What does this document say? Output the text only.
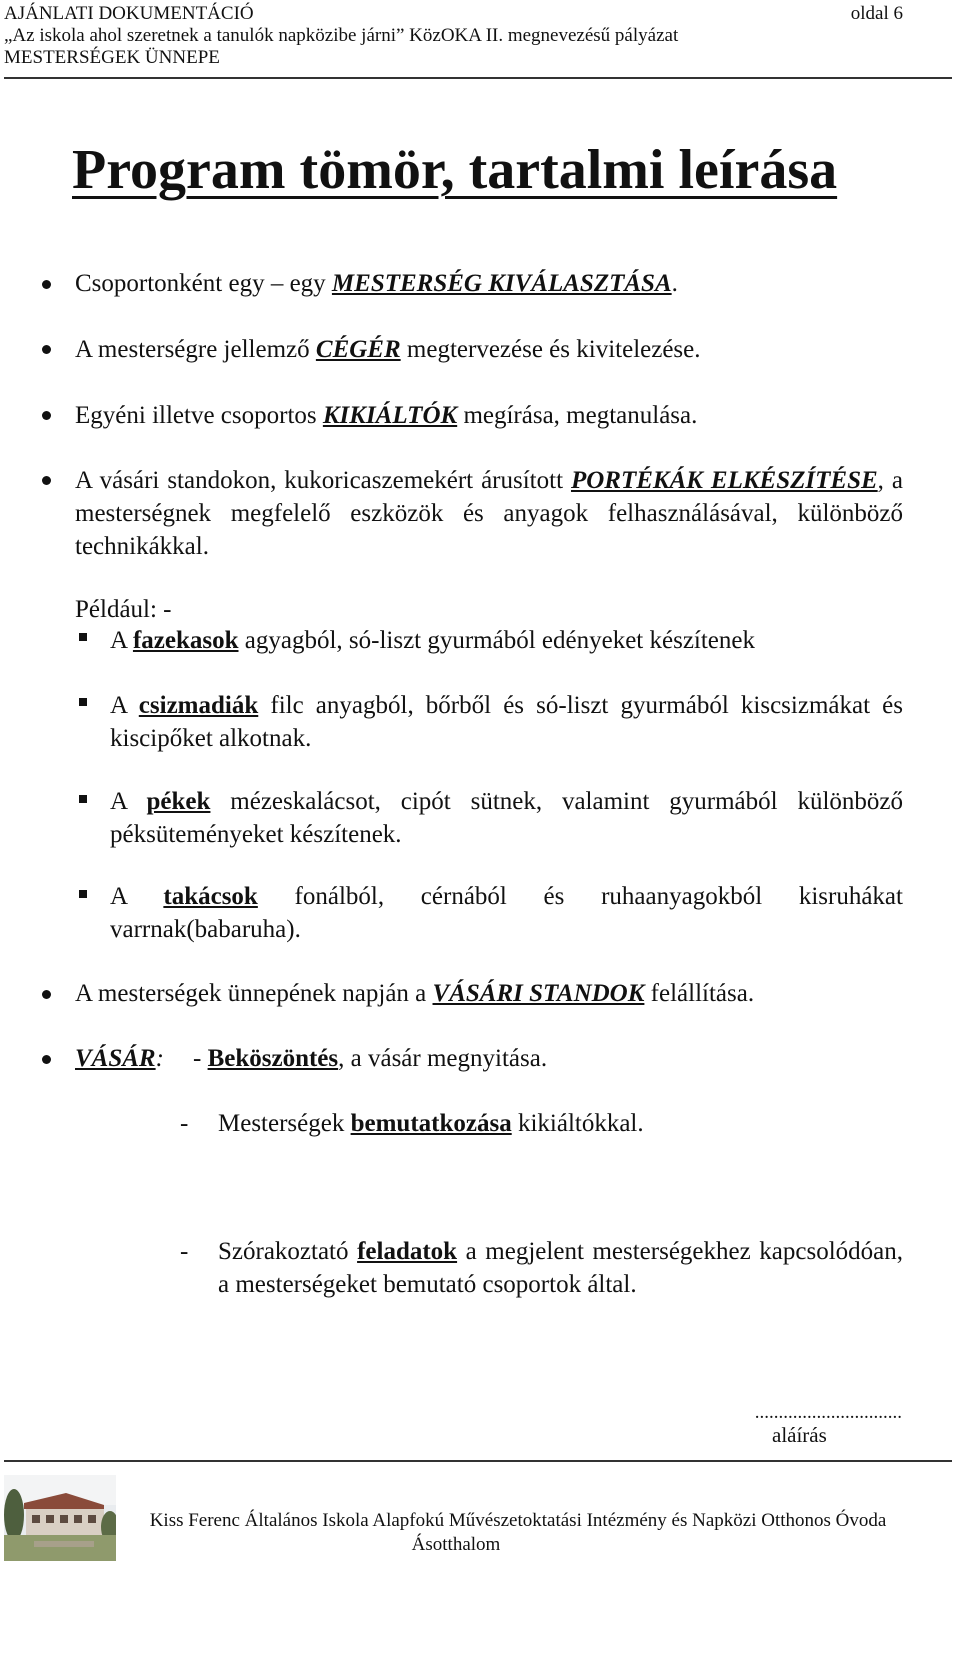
AJÁNLATI DOKUMENTÁCIÓ	oldal 6
„Az iskola ahol szeretnek a tanulók napközibe járni” KözOKA II. megnevezésű pályázat
MESTERSÉGEK ÜNNEPE
Program tömör, tartalmi leírása
Csoportonként egy – egy MESTERSÉG KIVÁLASZTÁSA.
A mesterségre jellemző CÉGÉR megtervezése és kivitelezése.
Egyéni illetve csoportos KIKIÁLTÓK megírása, megtanulása.
A vásári standokon, kukoricaszemekért árusított PORTÉKÁK ELKÉSZÍTÉSE, a mesterségnek megfelelő eszközök és anyagok felhasználásával, különböző technikákkal.
Például: -
A fazekasok agyagból, só-liszt gyurmából edényeket készítenek
A csizmadiák filc anyagból, bőrből és só-liszt gyurmából kiscsizmákat és kiscipőket alkotnak.
A pékek mézeskalácsot, cipót sütnek, valamint gyurmából különböző péksüteményeket készítenek.
A takácsok fonálból, cérnából és ruhaanyagokból kisruhákat varrnak(babaruha).
A mesterségek ünnepének napján a VÁSÁRI STANDOK felállítása.
VÁSÁR: - Beköszöntés, a vásár megnyitása.
- Mesterségek bemutatkozása kikiáltókkal.
- Szórakoztató feladatok a megjelent mesterségekhez kapcsolódóan, a mesterségeket bemutató csoportok által.
...............................
aláírás
Kiss Ferenc Általános Iskola Alapfokú Művészetoktatási Intézmény és Napközi Otthonos Óvoda
Ásotthalom
